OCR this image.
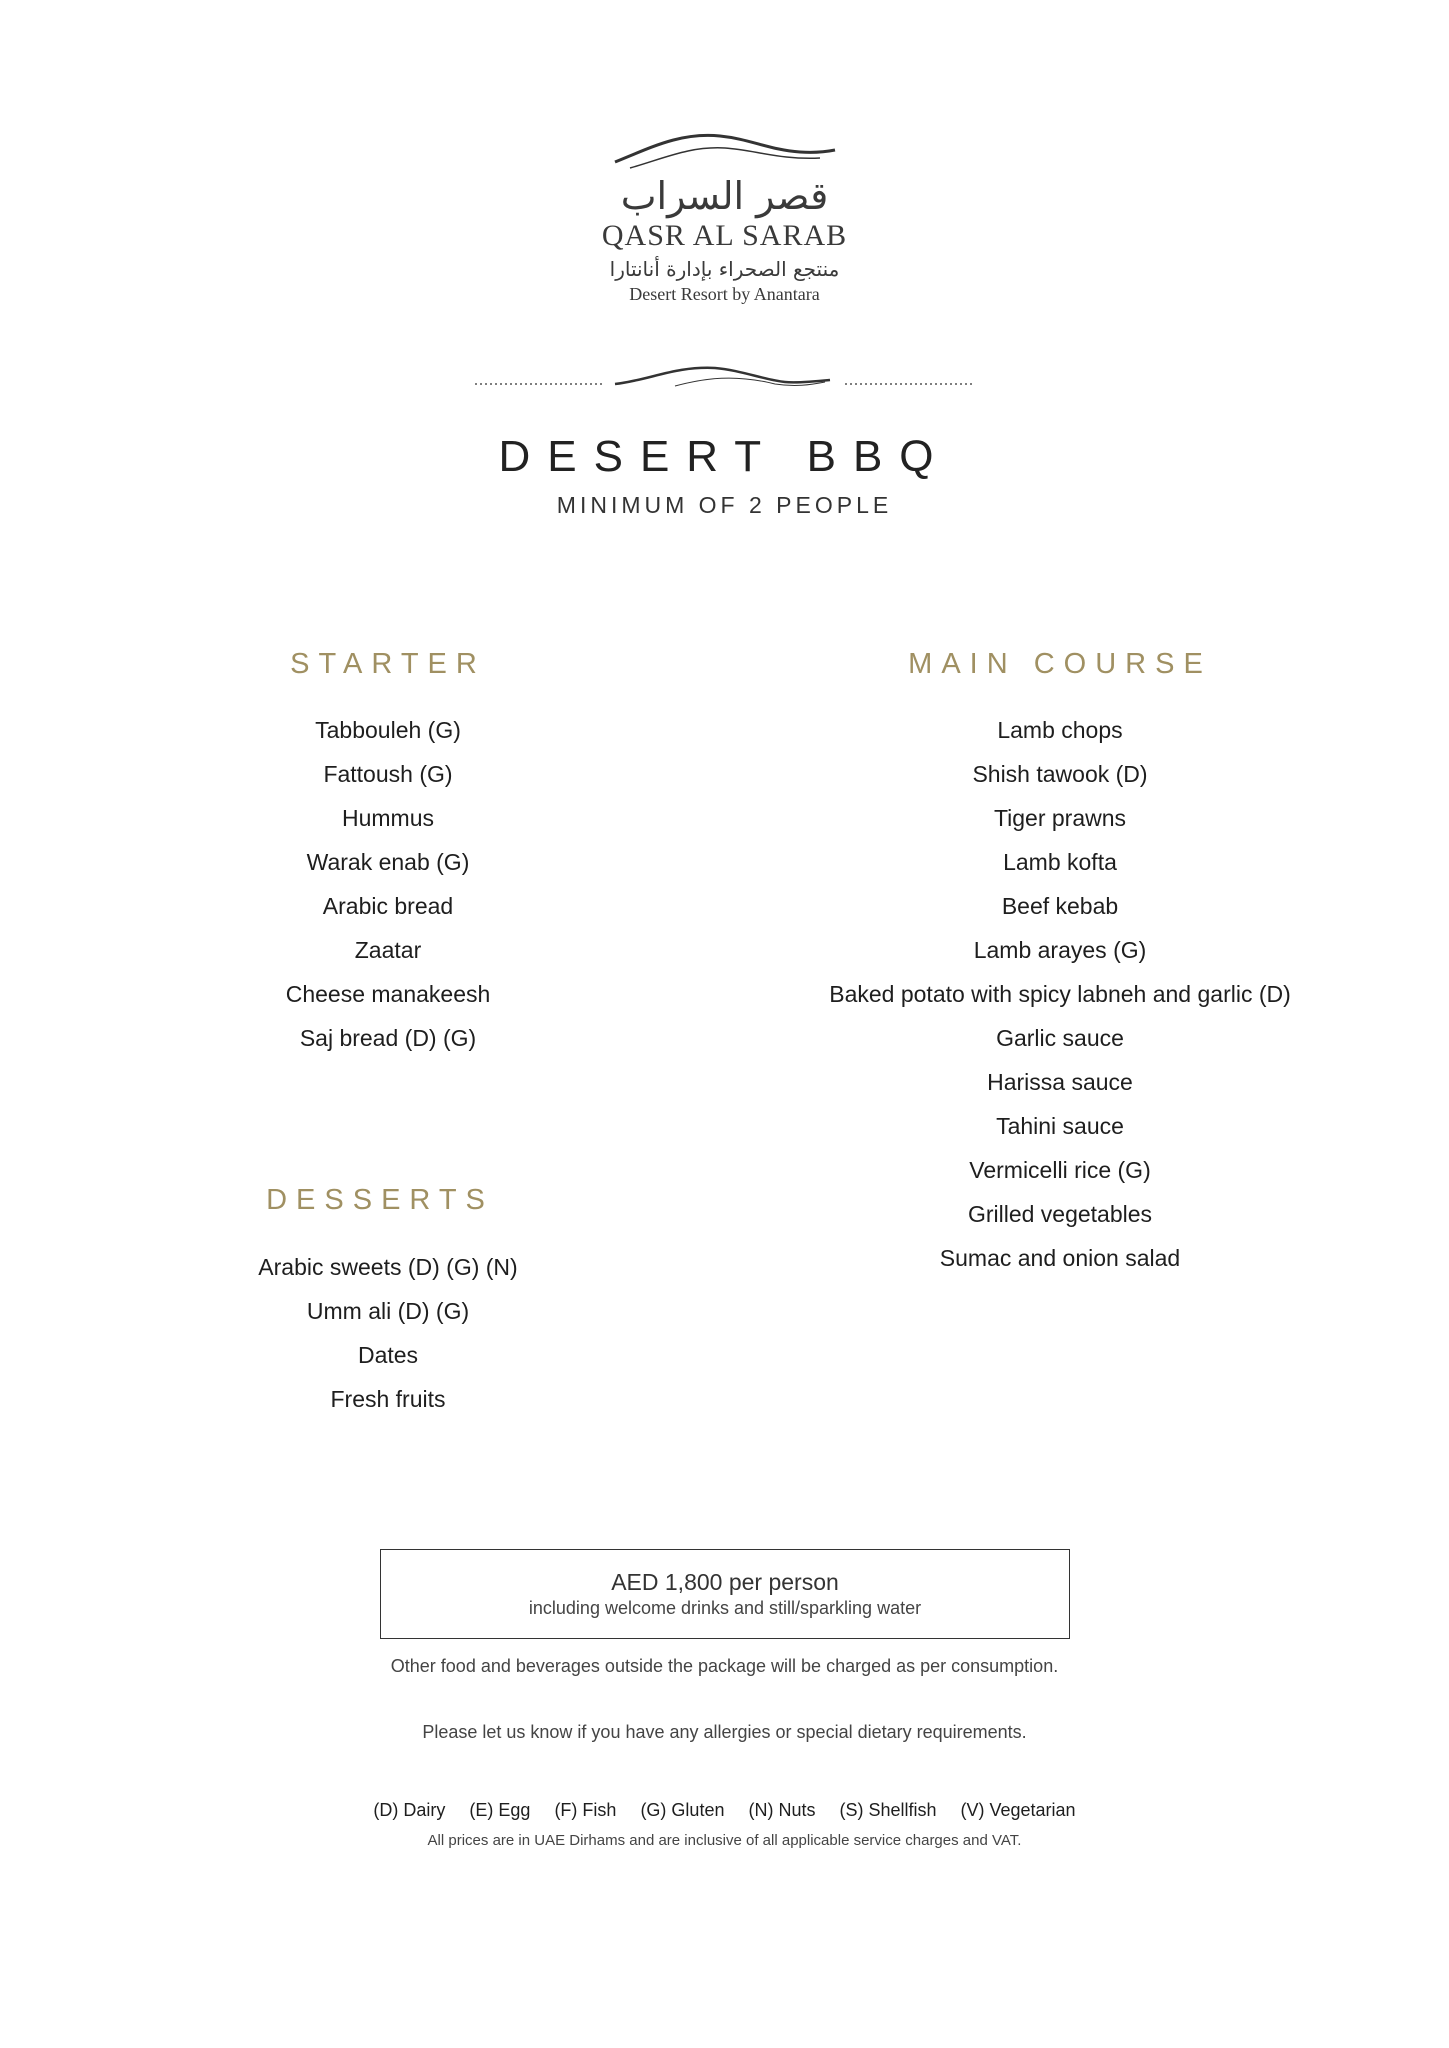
قصر السراب
QASR AL SARAB
منتجع الصحراء بإدارة أنانتارا
Desert Resort by Anantara
DESERT BBQ
MINIMUM OF 2 PEOPLE
STARTER
Tabbouleh (G)
Fattoush (G)
Hummus
Warak enab (G)
Arabic bread
Zaatar
Cheese manakeesh
Saj bread (D) (G)
DESSERTS
Arabic sweets (D) (G) (N)
Umm ali (D) (G)
Dates
Fresh fruits
MAIN COURSE
Lamb chops
Shish tawook (D)
Tiger prawns
Lamb kofta
Beef kebab
Lamb arayes (G)
Baked potato with spicy labneh and garlic (D)
Garlic sauce
Harissa sauce
Tahini sauce
Vermicelli rice (G)
Grilled vegetables
Sumac and onion salad
AED 1,800 per person
including welcome drinks and still/sparkling water
Other food and beverages outside the package will be charged as per consumption.
Please let us know if you have any allergies or special dietary requirements.
(D) Dairy (E) Egg (F) Fish (G) Gluten (N) Nuts (S) Shellfish (V) Vegetarian
All prices are in UAE Dirhams and are inclusive of all applicable service charges and VAT.
